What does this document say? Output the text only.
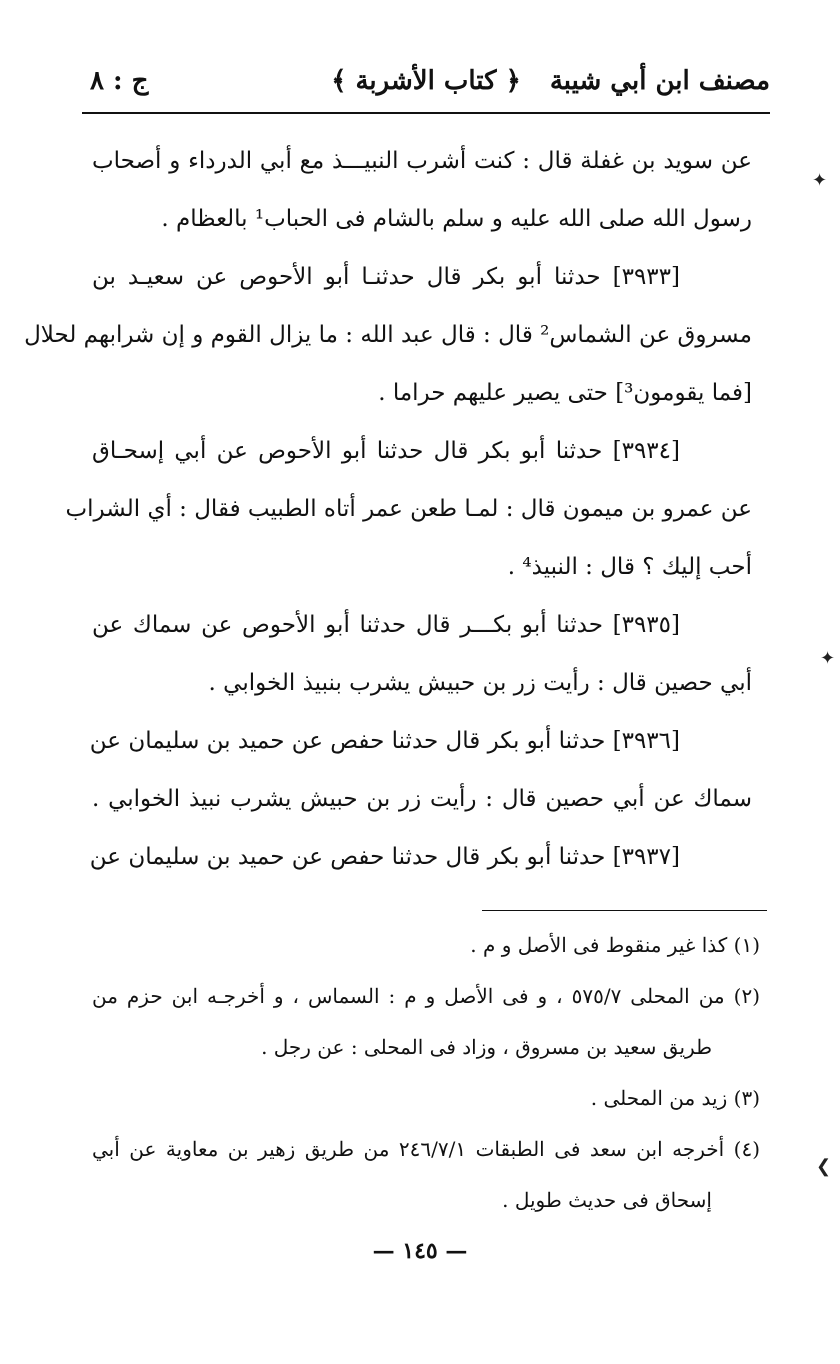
مصنف ابن أبي شيبة
﴿ كتاب الأشربة ﴾
ج : ٨
عن سويد بن غفلة قال : كنت أشرب النبيـــذ مع أبي الدرداء و أصحاب
رسول الله صلى الله عليه و سلم بالشام فى الحباب¹ بالعظام .
[٣٩٣٣] حدثنا أبو بكر قال حدثنـا أبو الأحوص عن سعيـد بن
مسروق عن الشماس² قال : قال عبد الله : ما يزال القوم و إن شرابهم لحلال
[فما يقومون³] حتى يصير عليهم حراما .
[٣٩٣٤] حدثنا أبو بكر قال حدثنا أبو الأحوص عن أبي إسحـاق
عن عمرو بن ميمون قال : لمـا طعن عمر أتاه الطبيب فقال : أي الشراب
أحب إليك ؟ قال : النبيذ⁴ .
[٣٩٣٥] حدثنا أبو بكـــر قال حدثنا أبو الأحوص عن سماك عن
أبي حصين قال : رأيت زر بن حبيش يشرب بنبيذ الخوابي .
[٣٩٣٦] حدثنا أبو بكر قال حدثنا حفص عن حميد بن سليمان عن
سماك عن أبي حصين قال : رأيت زر بن حبيش يشرب نبيذ الخوابي .
[٣٩٣٧] حدثنا أبو بكر قال حدثنا حفص عن حميد بن سليمان عن
(١) كذا غير منقوط فى الأصل و م .
(٢) من المحلى ٥٧٥/٧ ، و فى الأصل و م : السماس ، و أخرجـه ابن حزم من
طريق سعيد بن مسروق ، وزاد فى المحلى : عن رجل .
(٣) زيد من المحلى .
(٤) أخرجه ابن سعد فى الطبقات ٢٤٦/٧/١ من طريق زهير بن معاوية عن أبي
إسحاق فى حديث طويل .
— ١٤٥ —
✦
✦
❮
